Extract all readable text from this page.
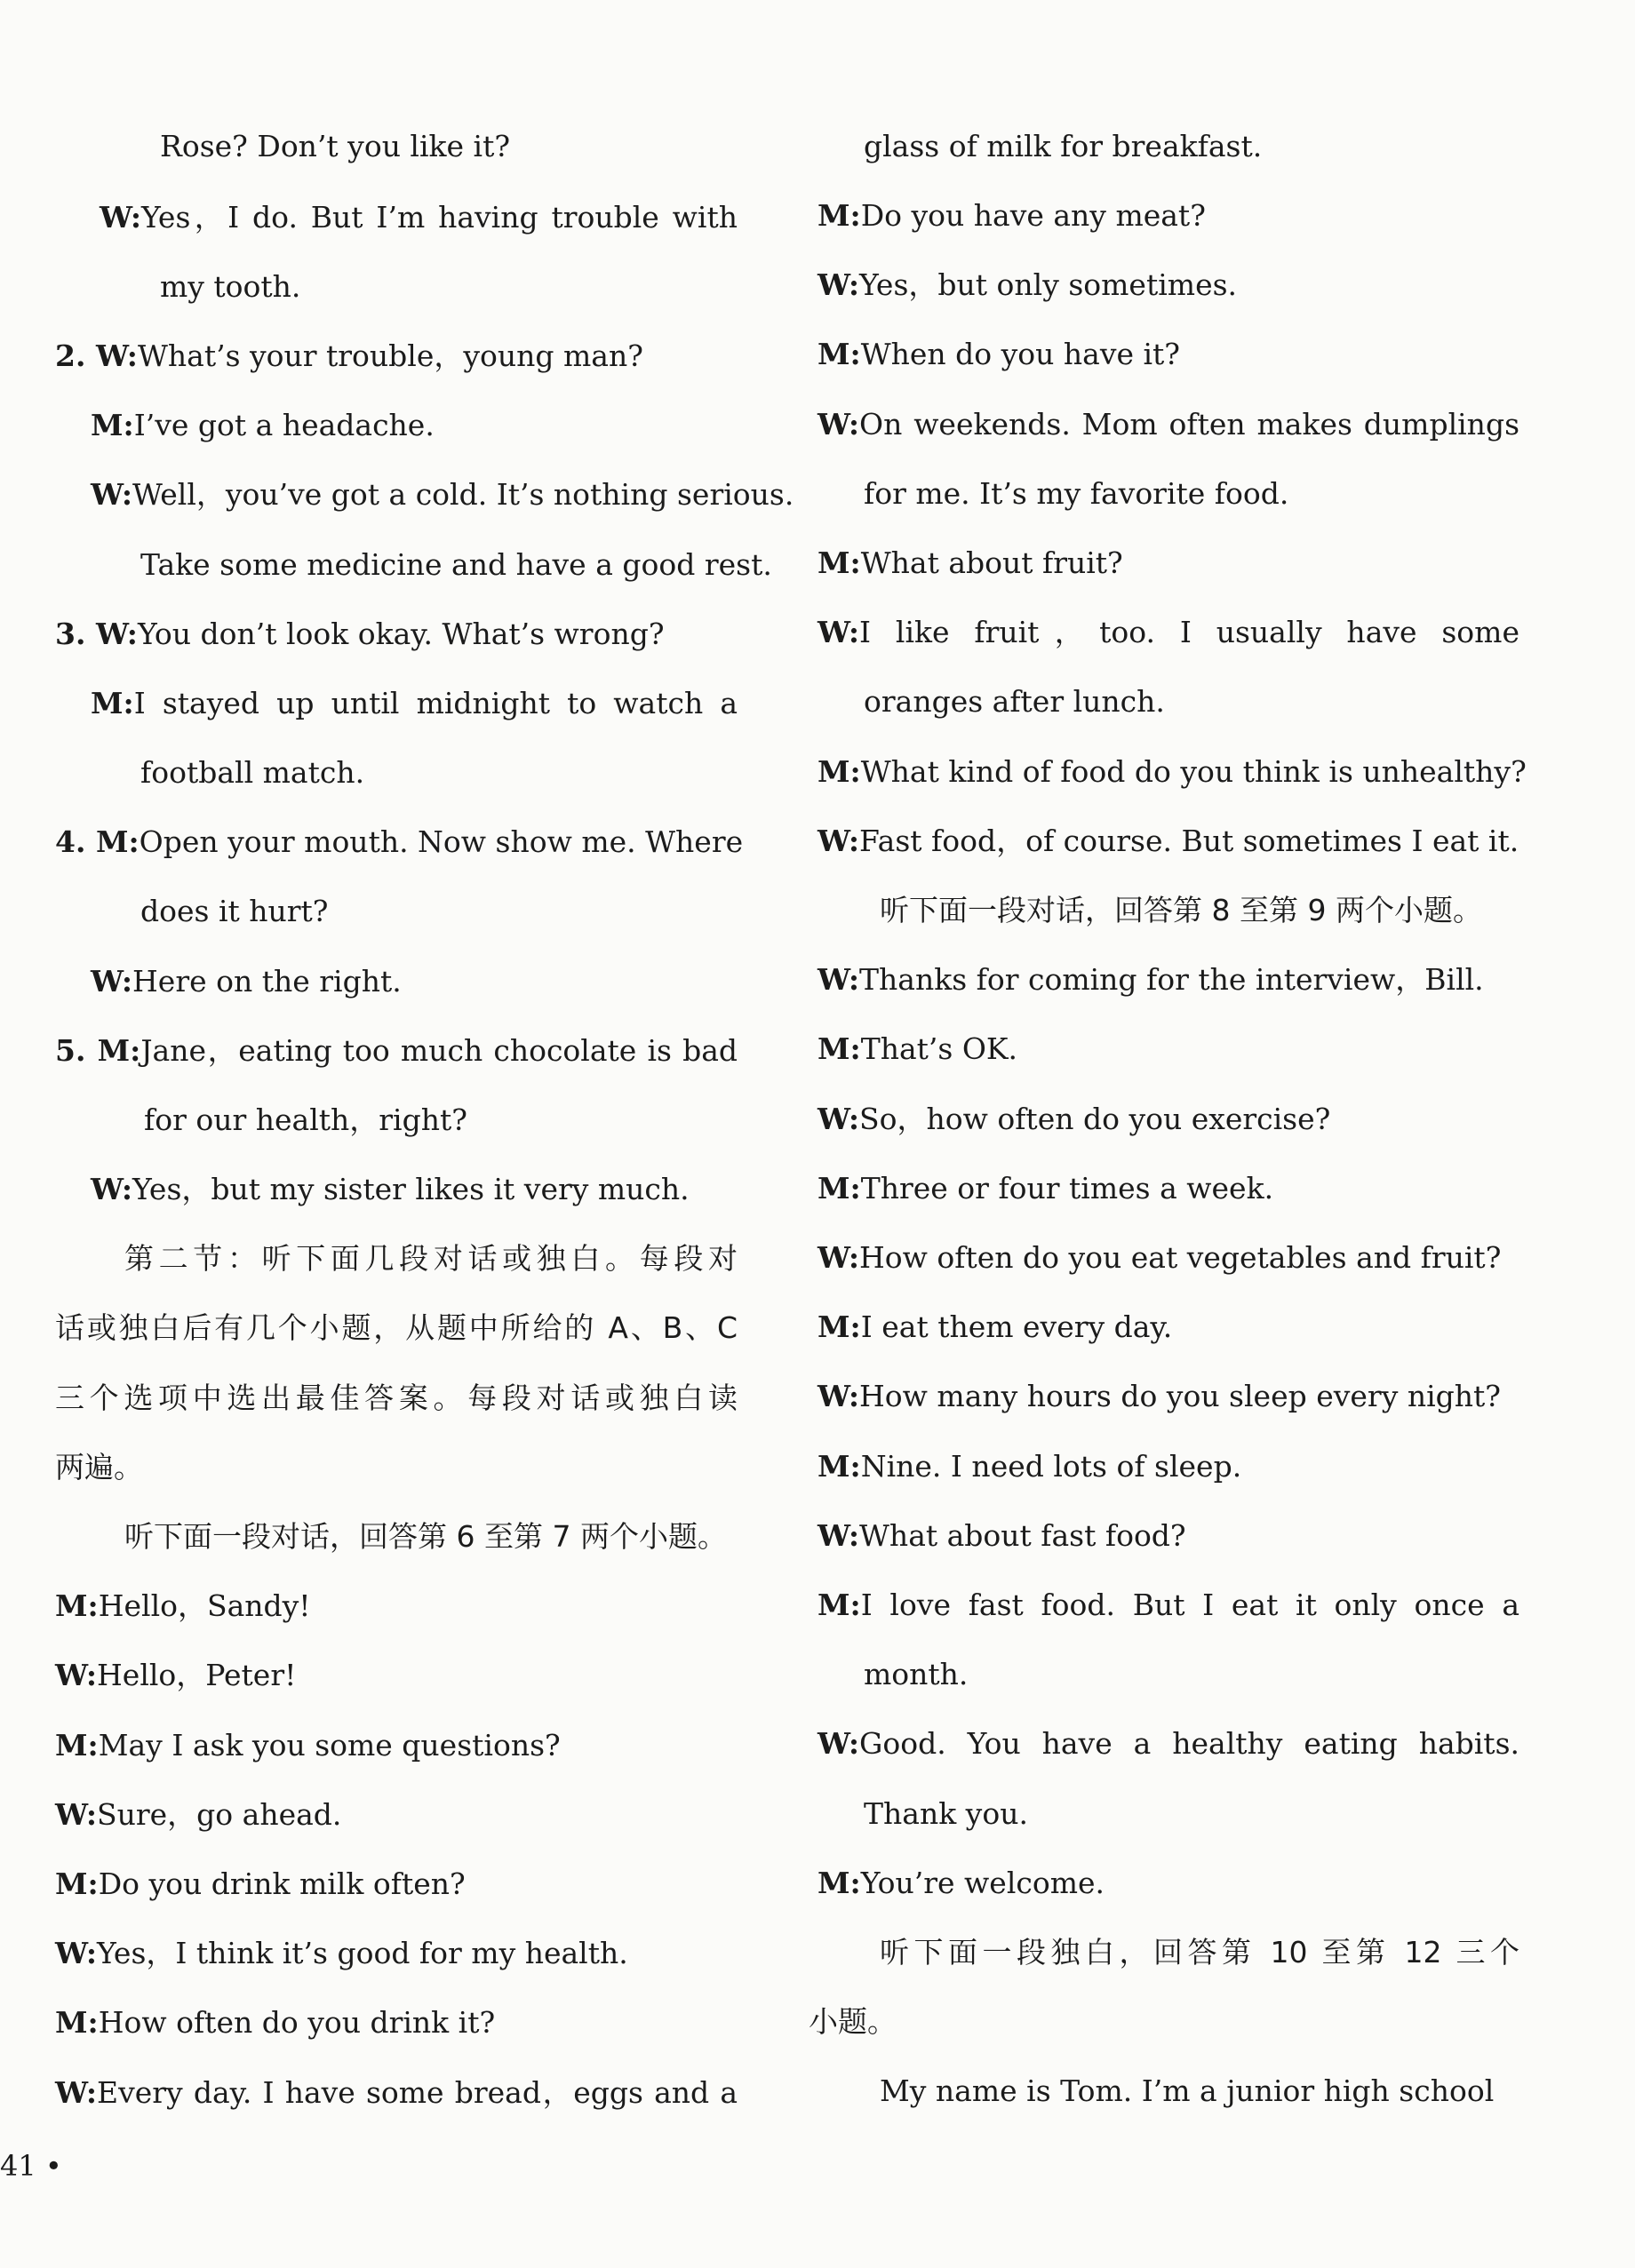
Rose? Don’t you like it?
W:Yes，I do. But I’m having trouble with
my tooth.
2. W:What’s your trouble，young man?
M:I’ve got a headache.
W:Well，you’ve got a cold. It’s nothing serious.
Take some medicine and have a good rest.
3. W:You don’t look okay. What’s wrong?
M:I stayed up until midnight to watch a
football match.
4. M:Open your mouth. Now show me. Where
does it hurt?
W:Here on the right.
5. M:Jane，eating too much chocolate is bad
for our health，right?
W:Yes，but my sister likes it very much.
第二节：听下面几段对话或独白。每段对
话或独白后有几个小题，从题中所给的 A、B、C
三个选项中选出最佳答案。每段对话或独白读
两遍。
听下面一段对话，回答第 6 至第 7 两个小题。
M:Hello，Sandy!
W:Hello，Peter!
M:May I ask you some questions?
W:Sure，go ahead.
M:Do you drink milk often?
W:Yes，I think it’s good for my health.
M:How often do you drink it?
W:Every day. I have some bread，eggs and a
glass of milk for breakfast.
M:Do you have any meat?
W:Yes，but only sometimes.
M:When do you have it?
W:On weekends. Mom often makes dumplings
for me. It’s my favorite food.
M:What about fruit?
W:I like fruit，too. I usually have some
oranges after lunch.
M:What kind of food do you think is unhealthy?
W:Fast food，of course. But sometimes I eat it.
听下面一段对话，回答第 8 至第 9 两个小题。
W:Thanks for coming for the interview，Bill.
M:That’s OK.
W:So，how often do you exercise?
M:Three or four times a week.
W:How often do you eat vegetables and fruit?
M:I eat them every day.
W:How many hours do you sleep every night?
M:Nine. I need lots of sleep.
W:What about fast food?
M:I love fast food. But I eat it only once a
month.
W:Good. You have a healthy eating habits.
Thank you.
M:You’re welcome.
听下面一段独白，回答第 10 至第 12 三个
小题。
My name is Tom. I’m a junior high school
41 •
